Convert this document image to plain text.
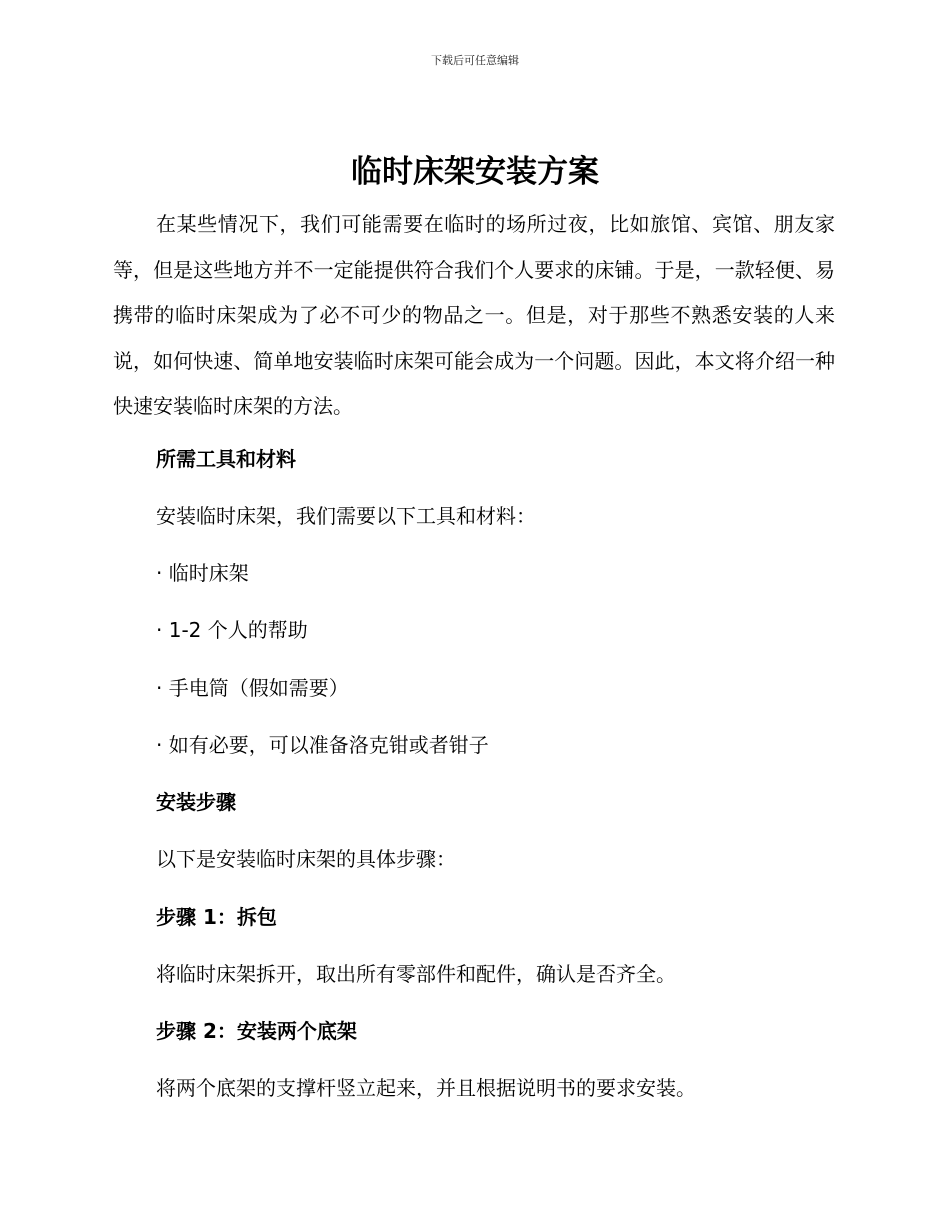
下载后可任意编辑
临时床架安装方案

在某些情况下，我们可能需要在临时的场所过夜，比如旅馆、宾馆、朋友家等，但是这些地方并不一定能提供符合我们个人要求的床铺。于是，一款轻便、易携带的临时床架成为了必不可少的物品之一。但是，对于那些不熟悉安装的人来说，如何快速、简单地安装临时床架可能会成为一个问题。因此，本文将介绍一种快速安装临时床架的方法。

所需工具和材料

安装临时床架，我们需要以下工具和材料：

· 临时床架

· 1-2 个人的帮助

· 手电筒（假如需要）

· 如有必要，可以准备洛克钳或者钳子

安装步骤

以下是安装临时床架的具体步骤：

步骤 1：拆包

将临时床架拆开，取出所有零部件和配件，确认是否齐全。

步骤 2：安装两个底架

将两个底架的支撑杆竖立起来，并且根据说明书的要求安装。
